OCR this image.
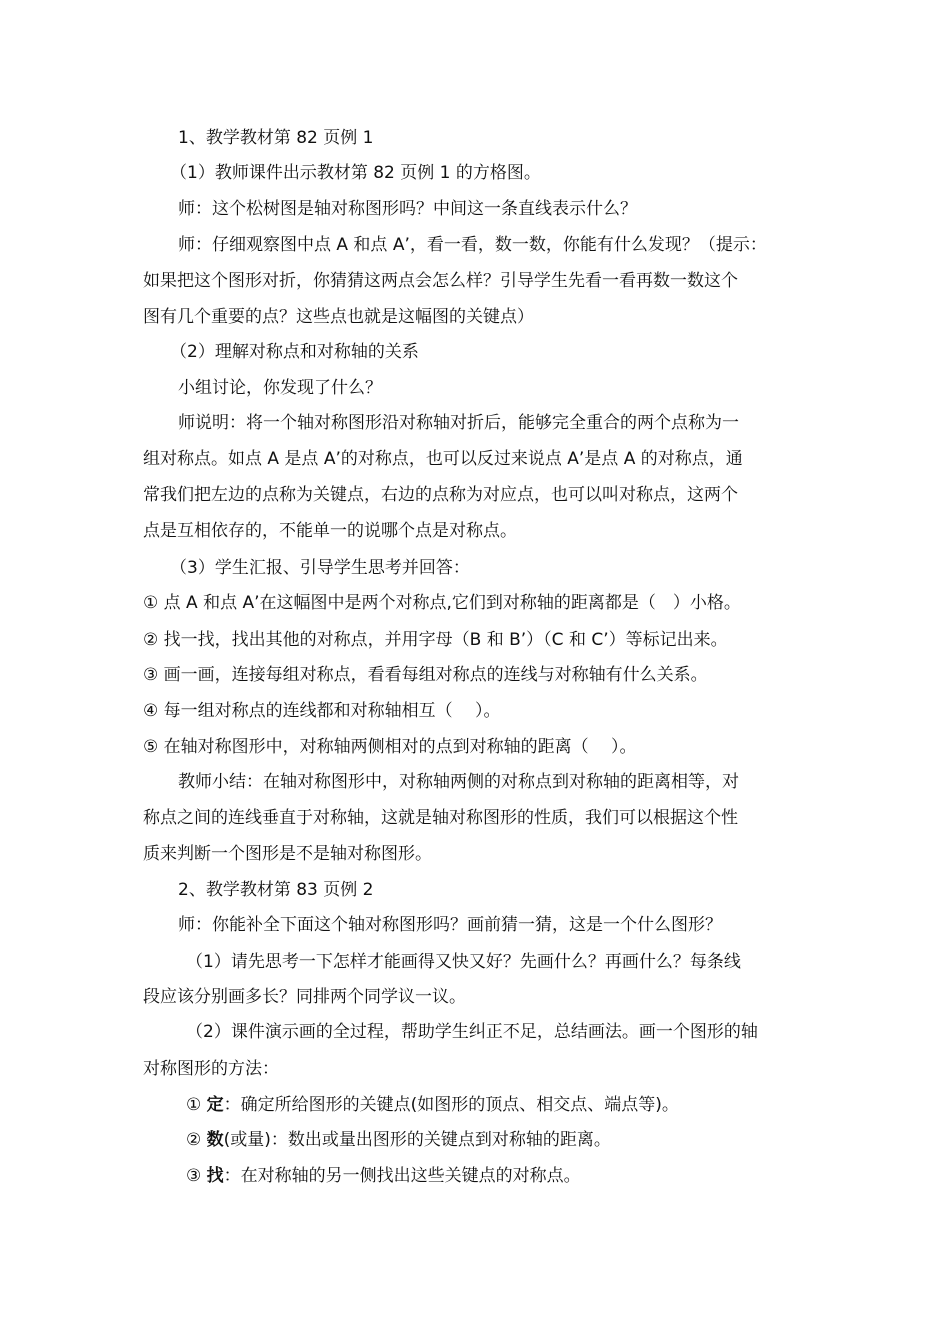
1、教学教材第 82 页例 1
（1）教师课件出示教材第 82 页例 1 的方格图。
师：这个松树图是轴对称图形吗？中间这一条直线表示什么？
师：仔细观察图中点 A 和点 A’，看一看，数一数，你能有什么发现？（提示：
如果把这个图形对折，你猜猜这两点会怎么样？引导学生先看一看再数一数这个
图有几个重要的点？这些点也就是这幅图的关键点）
（2）理解对称点和对称轴的关系
小组讨论，你发现了什么？
师说明：将一个轴对称图形沿对称轴对折后，能够完全重合的两个点称为一
组对称点。如点 A 是点 A’的对称点，也可以反过来说点 A’是点 A 的对称点，通
常我们把左边的点称为关键点，右边的点称为对应点，也可以叫对称点，这两个
点是互相依存的，不能单一的说哪个点是对称点。
（3）学生汇报、引导学生思考并回答：
① 点 A 和点 A’在这幅图中是两个对称点,它们到对称轴的距离都是（　）小格。
② 找一找，找出其他的对称点，并用字母（B 和 B’）（C 和 C’）等标记出来。
③ 画一画，连接每组对称点，看看每组对称点的连线与对称轴有什么关系。
④ 每一组对称点的连线都和对称轴相互（　 ）。
⑤ 在轴对称图形中，对称轴两侧相对的点到对称轴的距离（　 ）。
教师小结：在轴对称图形中，对称轴两侧的对称点到对称轴的距离相等，对
称点之间的连线垂直于对称轴，这就是轴对称图形的性质，我们可以根据这个性
质来判断一个图形是不是轴对称图形。
2、教学教材第 83 页例 2
师：你能补全下面这个轴对称图形吗？画前猜一猜，这是一个什么图形？
（1）请先思考一下怎样才能画得又快又好？先画什么？再画什么？每条线
段应该分别画多长？同排两个同学议一议。
（2）课件演示画的全过程，帮助学生纠正不足，总结画法。画一个图形的轴
对称图形的方法：
① 定：确定所给图形的关键点(如图形的顶点、相交点、端点等)。
② 数(或量)：数出或量出图形的关键点到对称轴的距离。
③ 找：在对称轴的另一侧找出这些关键点的对称点。
